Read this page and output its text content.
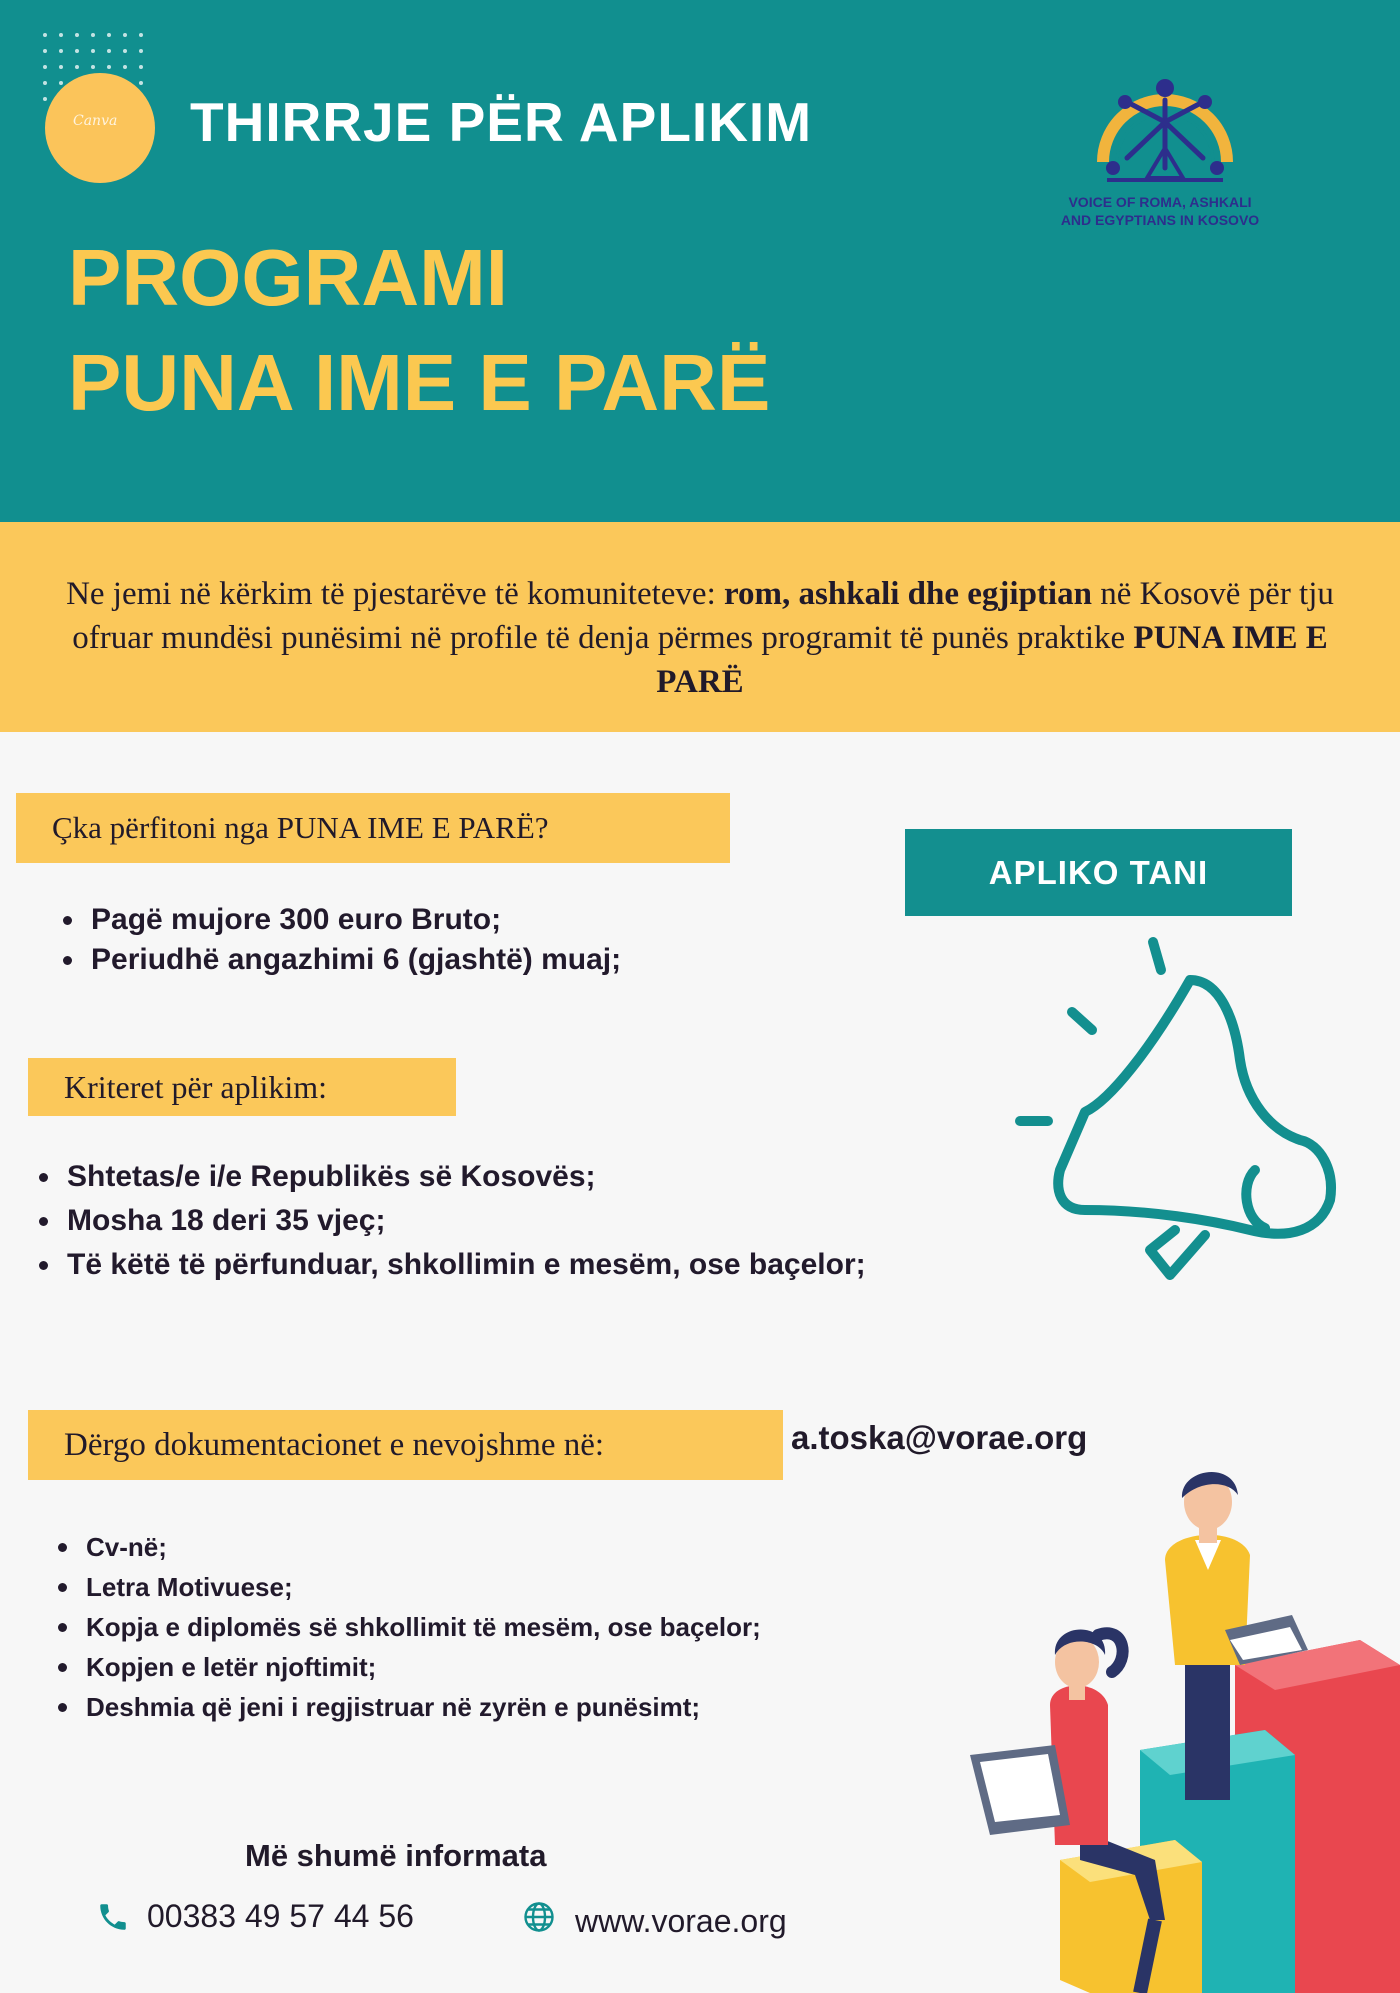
Canva THIRRJE PËR APLIKIM
PROGRAMI
PUNA IME E PARË
VOICE OF ROMA, ASHKALI
AND EGYPTIANS IN KOSOVO

Ne jemi në kërkim të pjestarëve të komuniteteve: rom, ashkali dhe egjiptian në Kosovë për tju ofruar mundësi punësimi në profile të denja përmes programit të punës praktike PUNA IME E PARË

Çka përfitoni nga PUNA IME E PARË?
Pagë mujore 300 euro Bruto;
Periudhë angazhimi 6 (gjashtë) muaj;
APLIKO TANI
Kriteret për aplikim:
Shtetas/e i/e Republikës së Kosovës;
Mosha 18 deri 35 vjeç;
Të këtë të përfunduar, shkollimin e mesëm, ose baçelor;
Dërgo dokumentacionet e nevojshme në:	a.toska@vorae.org
Cv-në;
Letra Motivuese;
Kopja e diplomës së shkollimit të mesëm, ose baçelor;
Kopjen e letër njoftimit;
Deshmia që jeni i regjistruar në zyrën e punësimt;
Më shumë informata
00383 49 57 44 56	www.vorae.org
